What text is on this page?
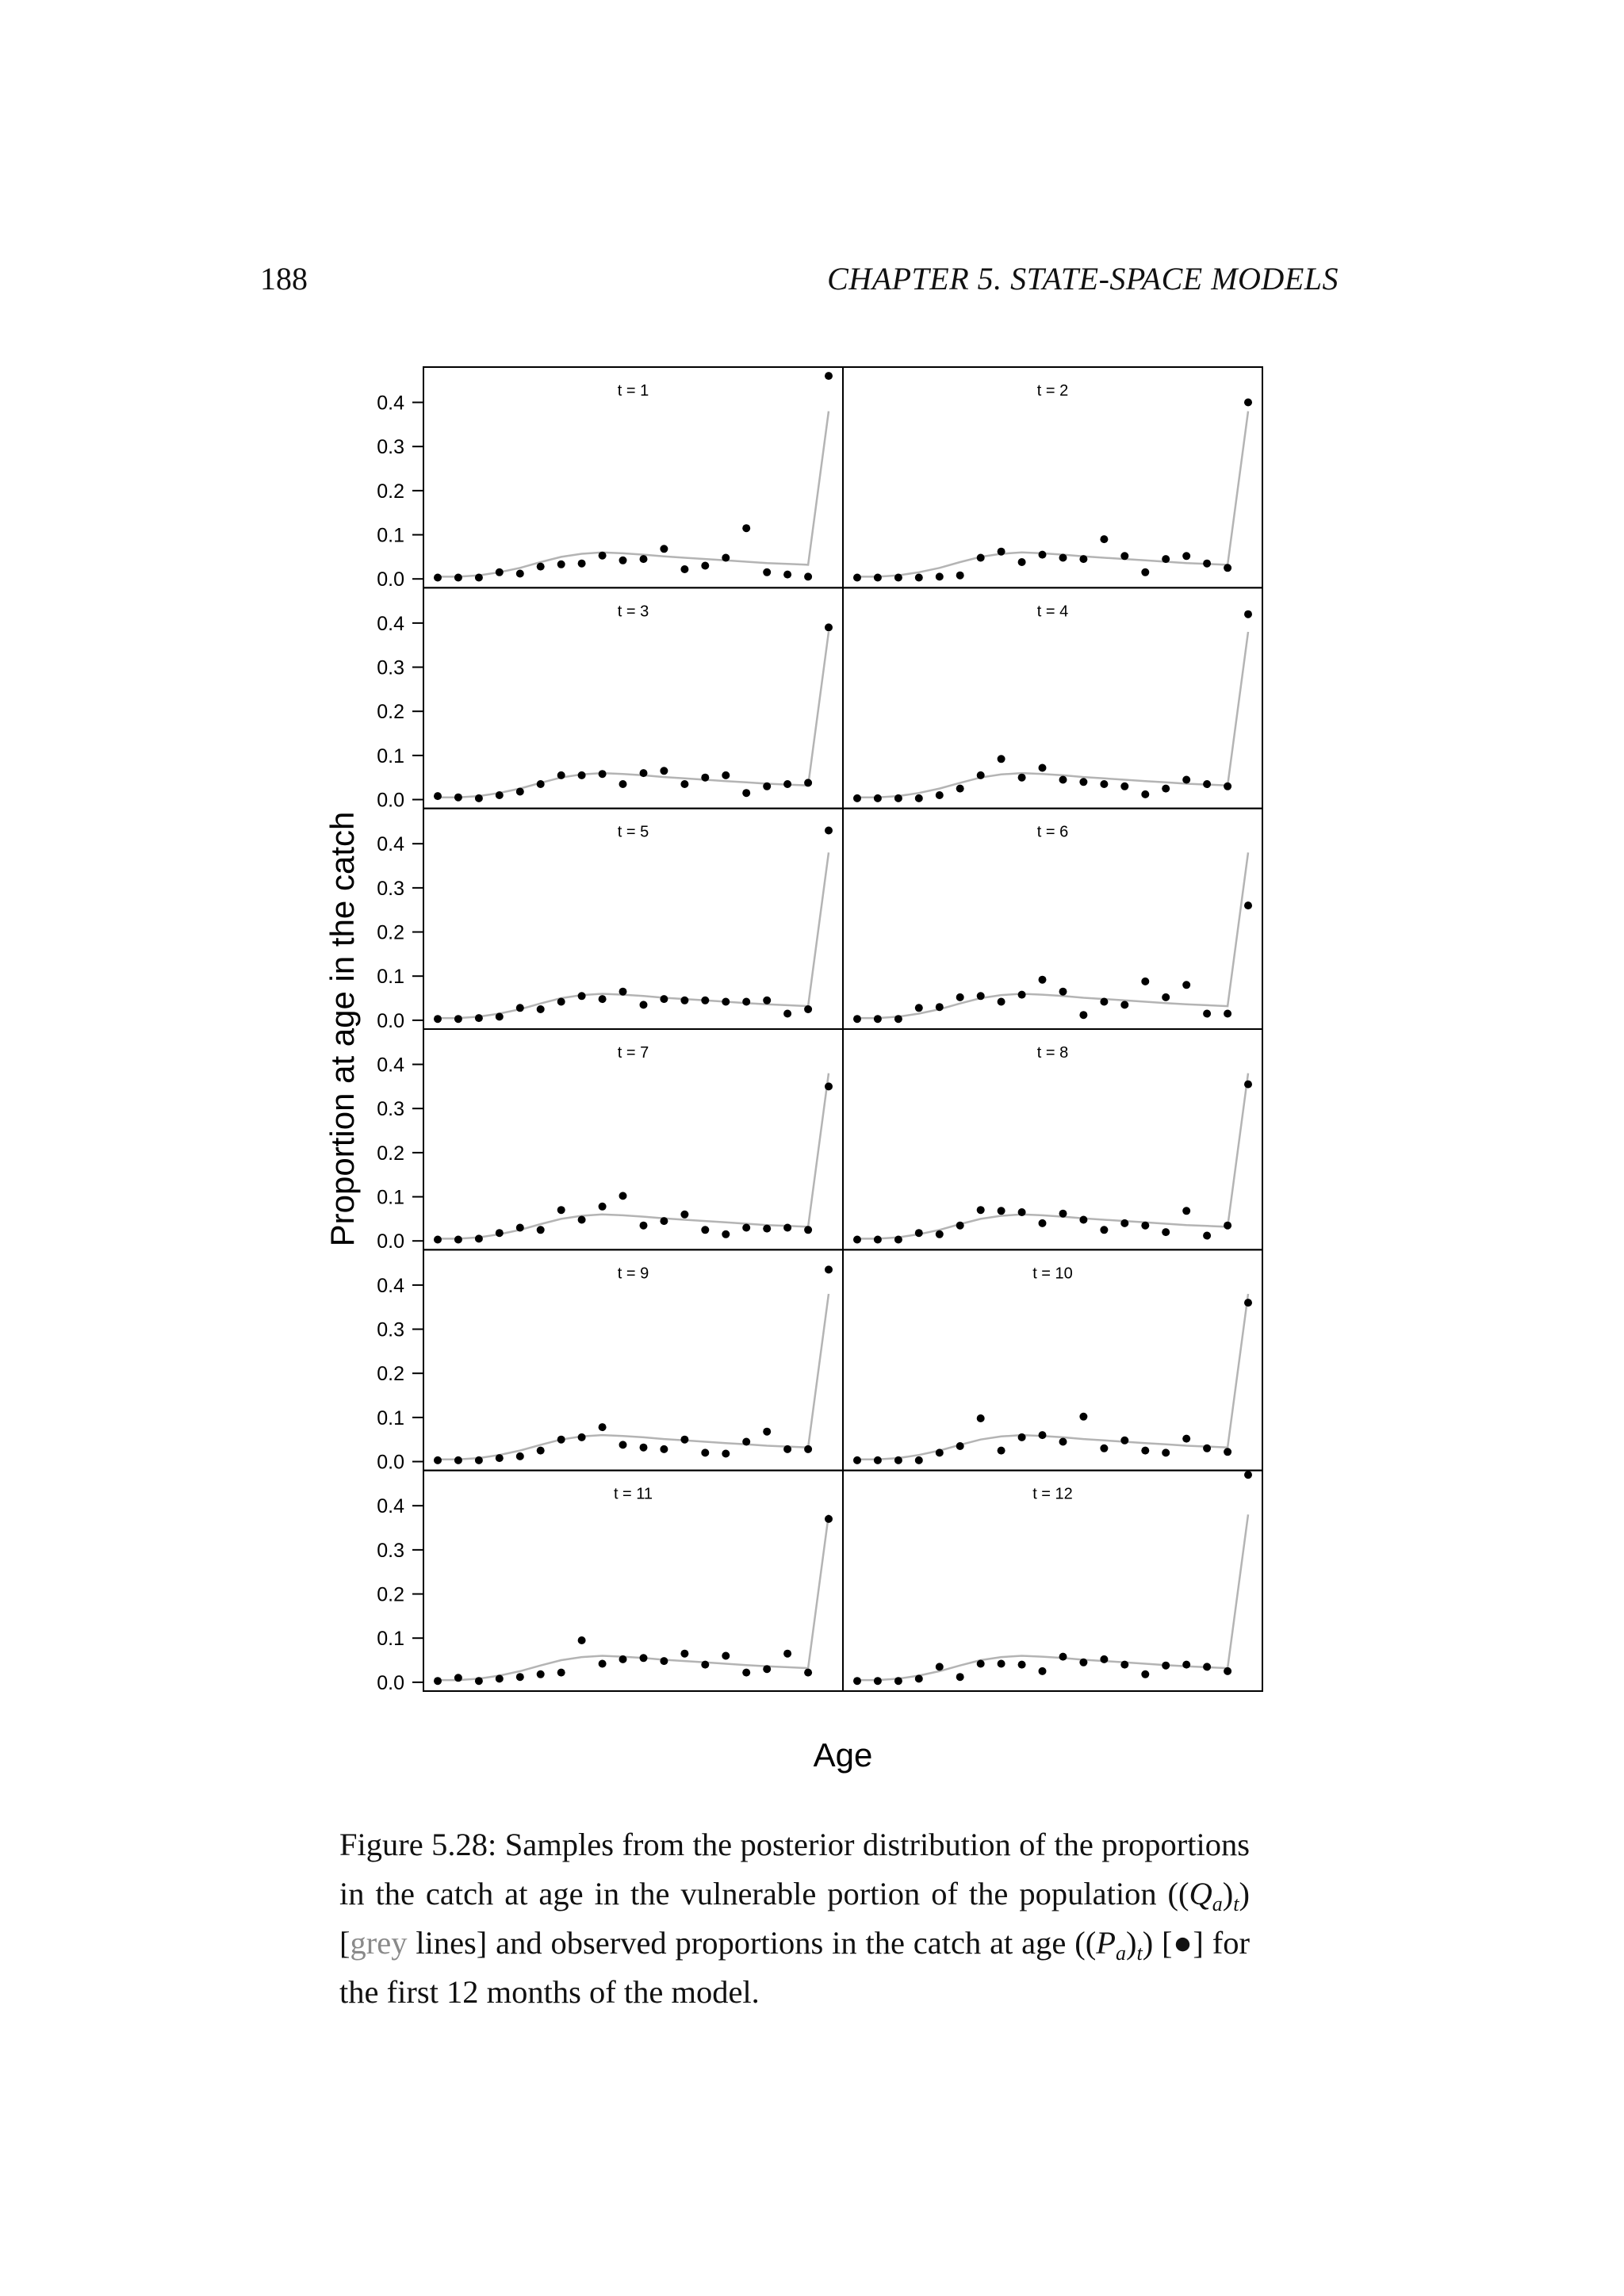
188	CHAPTER 5. STATE-SPACE MODELS
t = 1
0.0
0.1
0.2
0.3
0.4
t = 2
t = 3
0.0
0.1
0.2
0.3
0.4
t = 4
t = 5
0.0
0.1
0.2
0.3
0.4
t = 6
t = 7
0.0
0.1
0.2
0.3
0.4
t = 8
t = 9
0.0
0.1
0.2
0.3
0.4
t = 10
t = 11
0.0
0.1
0.2
0.3
0.4
t = 12
Age
Proportion at age in the catch
Figure 5.28: Samples from the posterior distribution of the proportions in the catch at age in the vulnerable portion of the population $((Q_a)_t)$ [grey lines] and observed proportions in the catch at age $((P_a)_t)$ [●] for the first 12 months of the model.
